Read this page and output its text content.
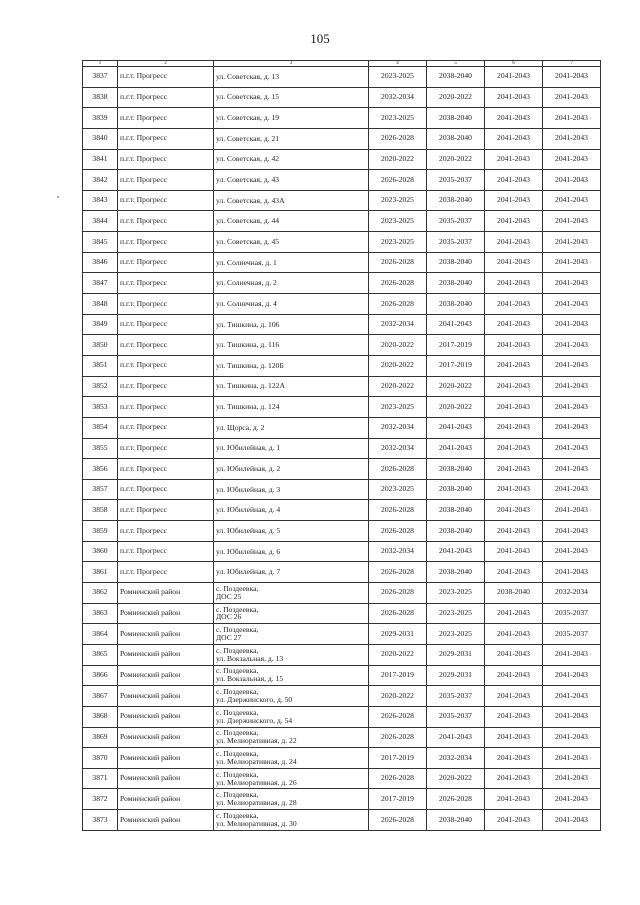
105
1	2	3	4	5	6	7
3837	п.г.т. Прогресс	ул. Советская, д. 13	2023-2025	2038-2040	2041-2043	2041-2043
3838	п.г.т. Прогресс	ул. Советская, д. 15	2032-2034	2020-2022	2041-2043	2041-2043
3839	п.г.т. Прогресс	ул. Советская, д. 19	2023-2025	2038-2040	2041-2043	2041-2043
3840	п.г.т. Прогресс	ул. Советская, д. 21	2026-2028	2038-2040	2041-2043	2041-2043
3841	п.г.т. Прогресс	ул. Советская, д. 42	2020-2022	2020-2022	2041-2043	2041-2043
3842	п.г.т. Прогресс	ул. Советская, д. 43	2026-2028	2035-2037	2041-2043	2041-2043
3843	п.г.т. Прогресс	ул. Советская, д. 43А	2023-2025	2038-2040	2041-2043	2041-2043
3844	п.г.т. Прогресс	ул. Советская, д. 44	2023-2025	2035-2037	2041-2043	2041-2043
3845	п.г.т. Прогресс	ул. Советская, д. 45	2023-2025	2035-2037	2041-2043	2041-2043
3846	п.г.т. Прогресс	ул. Солнечная, д. 1	2026-2028	2038-2040	2041-2043	2041-2043
3847	п.г.т. Прогресс	ул. Солнечная, д. 2	2026-2028	2038-2040	2041-2043	2041-2043
3848	п.г.т. Прогресс	ул. Солнечная, д. 4	2026-2028	2038-2040	2041-2043	2041-2043
3849	п.г.т. Прогресс	ул. Тишкина, д. 106	2032-2034	2041-2043	2041-2043	2041-2043
3850	п.г.т. Прогресс	ул. Тишкина, д. 116	2020-2022	2017-2019	2041-2043	2041-2043
3851	п.г.т. Прогресс	ул. Тишкина, д. 120Б	2020-2022	2017-2019	2041-2043	2041-2043
3852	п.г.т. Прогресс	ул. Тишкина, д. 122А	2020-2022	2020-2022	2041-2043	2041-2043
3853	п.г.т. Прогресс	ул. Тишкина, д. 124	2023-2025	2020-2022	2041-2043	2041-2043
3854	п.г.т. Прогресс	ул. Щорса, д. 2	2032-2034	2041-2043	2041-2043	2041-2043
3855	п.г.т. Прогресс	ул. Юбилейная, д. 1	2032-2034	2041-2043	2041-2043	2041-2043
3856	п.г.т. Прогресс	ул. Юбилейная, д. 2	2026-2028	2038-2040	2041-2043	2041-2043
3857	п.г.т. Прогресс	ул. Юбилейная, д. 3	2023-2025	2038-2040	2041-2043	2041-2043
3858	п.г.т. Прогресс	ул. Юбилейная, д. 4	2026-2028	2038-2040	2041-2043	2041-2043
3859	п.г.т. Прогресс	ул. Юбилейная, д. 5	2026-2028	2038-2040	2041-2043	2041-2043
3860	п.г.т. Прогресс	ул. Юбилейная, д. 6	2032-2034	2041-2043	2041-2043	2041-2043
3861	п.г.т. Прогресс	ул. Юбилейная, д. 7	2026-2028	2038-2040	2041-2043	2041-2043
3862	Ромненский район	с. Поздеевка,
ДОС 25	2026-2028	2023-2025	2038-2040	2032-2034
3863	Ромненский район	с. Поздеевка,
ДОС 26	2026-2028	2023-2025	2041-2043	2035-2037
3864	Ромненский район	с. Поздеевка,
ДОС 27	2029-2031	2023-2025	2041-2043	2035-2037
3865	Ромненский район	с. Поздеевка,
ул. Вокзальная, д. 13	2020-2022	2029-2031	2041-2043	2041-2043
3866	Ромненский район	с. Поздеевка,
ул. Вокзальная, д. 15	2017-2019	2029-2031	2041-2043	2041-2043
3867	Ромненский район	с. Поздеевка,
ул. Дзержинского, д. 50	2020-2022	2035-2037	2041-2043	2041-2043
3868	Ромненский район	с. Поздеевка,
ул. Дзержинского, д. 54	2026-2028	2035-2037	2041-2043	2041-2043
3869	Ромненский район	с. Поздеевка,
ул. Мелиоративная, д. 22	2026-2028	2041-2043	2041-2043	2041-2043
3870	Ромненский район	с. Поздеевка,
ул. Мелиоративная, д. 24	2017-2019	2032-2034	2041-2043	2041-2043
3871	Ромненский район	с. Поздеевка,
ул. Мелиоративная, д. 26	2026-2028	2020-2022	2041-2043	2041-2043
3872	Ромненский район	с. Поздеевка,
ул. Мелиоративная, д. 28	2017-2019	2026-2028	2041-2043	2041-2043
3873	Ромненский район	с. Поздеевка,
ул. Мелиоративная, д. 30	2026-2028	2038-2040	2041-2043	2041-2043
